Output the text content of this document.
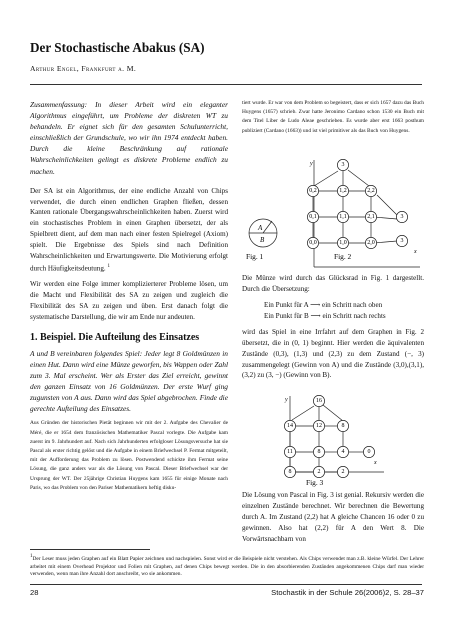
Der Stochastische Abakus (SA)
Arthur Engel, Frankfurt a. M.

Zusammenfassung: In dieser Arbeit wird ein eleganter Algorithmus eingeführt, um Probleme der diskreten WT zu behandeln. Er eignet sich für den gesamten Schulunterricht, einschließlich der Grundschule, wo wir ihn 1974 entdeckt haben. Durch die kleine Beschränkung auf rationale Wahrscheinlichkeiten gelingt es diskrete Probleme endlich zu machen.

Der SA ist ein Algorithmus, der eine endliche Anzahl von Chips verwendet, die durch einen endlichen Graphen fließen, dessen Kanten rationale Übergangswahrscheinlichkeiten haben. Zuerst wird ein stochastisches Problem in einen Graphen übersetzt, der als Spielbrett dient, auf dem man nach einer festen Spielregel (Axiom) spielt. Die Ergebnisse des Spiels sind nach Definition Wahrscheinlichkeiten und Erwartungswerte. Die Motivierung erfolgt durch Häufigkeitsdeutung. $^1$

Wir werden eine Folge immer komplizierterer Probleme lösen, um die Macht und Flexibilität des SA zu zeigen und zugleich die Flexibilität des SA zu zeigen und üben. Erst danach folgt die systematische Darstellung, die wir am Ende nur andeuten.

1. Beispiel. Die Aufteilung des Einsatzes

A und B vereinbaren folgendes Spiel: Jeder legt 8 Goldmünzen in einen Hut. Dann wird eine Münze geworfen, bis Wappen oder Zahl zum 3. Mal erscheint. Wer als Erster das Ziel erreicht, gewinnt den ganzen Einsatz von 16 Goldmünzen. Der erste Wurf ging zugunsten von A aus. Dann wird das Spiel abgebrochen. Finde die gerechte Aufteilung des Einsatzes.

Aus Gründen der historischen Pietät beginnen wir mit der 2. Aufgabe des Chevalier de Méré, die er 1654 dem französischen Mathematiker Pascal vorlegte. Die Aufgabe kam zuerst im 9. Jahrhundert auf. Nach sich Jahrhunderten erfolgloser Lösungsversuche hat sie Pascal als erster richtig gelöst und die Aufgabe in einem Briefwechsel P. Fermat mitgeteilt, mit der Aufforderung das Problem zu lösen. Postwendend schickte ihm Fermat seine Lösung, die ganz anders war als die Lösung von Pascal. Dieser Briefwechsel war der Ursprung der WT. Der 25jährige Christian Huygens kam 1655 für einige Monate nach Paris, wo das Problem von den Pariser Mathematikern heftig disku-

tiert wurde. Er war von dem Problem so begeistert, dass er sich 1657 dazu das Buch Huygens (1657) schrieb. Zwar hatte Jeronimo Cardano schon 1530 ein Buch mit dem Titel Liber de Ludo Aleae geschrieben. Es wurde aber erst 1663 posthum publiziert (Cardano (1663)) und ist viel primitiver als das Buch von Huygens.

A
B
Fig. 1
y
x
3
0,2	1,2	2,2
0,1	1,1	2,1	3
0,0	1,0	2,0	3
Fig. 2

Die Münze wird durch das Glücksrad in Fig. 1 dargestellt. Durch die Übersetzung:

Ein Punkt für A ⟶ ein Schritt nach oben
Ein Punkt für B ⟶ ein Schritt nach rechts

wird das Spiel in eine Irrfahrt auf dem Graphen in Fig. 2 übersetzt, die in (0, 1) beginnt. Hier werden die äquivalenten Zustände (0,3), (1,3) und (2,3) zu dem Zustand (−, 3) zusammengelegt (Gewinn von A) und die Zustände (3,0),(3,1), (3,2) zu (3, −) (Gewinn von B).

y
x
16
14	12	8
11	8	4	0
8	2	2
Fig. 3

Die Lösung von Pascal in Fig. 3 ist genial. Rekursiv werden die einzelnen Zustände berechnet. Wir berechnen die Bewertung durch A. Im Zustand (2,2) hat A gleiche Chancen 16 oder 0 zu gewinnen. Also hat (2,2) für A den Wert 8. Die Vorwärtsnachbarn von

$^1$Der Leser muss jeden Graphen auf ein Blatt Papier zeichnen und nachspielen. Sonst wird er die Beispiele nicht verstehen. Als Chips verwendet man z.B. kleine Würfel. Der Lehrer arbeitet mit einem Overhead Projektor und Folien mit Graphen, auf denen Chips bewegt werden. Die in den absorbierenden Zuständen angekommenen Chips darf man wieder verwenden, wenn man ihre Anzahl dort anschreibt, wo sie ankommen.
28	Stochastik in der Schule 26(2006)2, S. 28–37
